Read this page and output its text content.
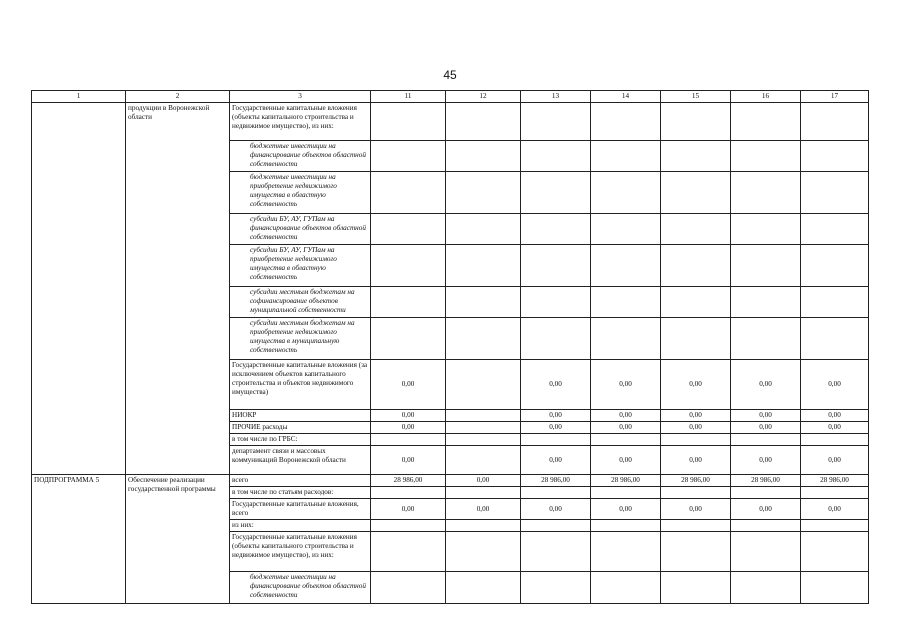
45
1	2	3	11	12	13	14	15	16	17
	продукции в Воронежской области	Государственные капитальные вложения (объекты капитального строительства и недвижимое имущество), из них:							
		бюджетные инвестиции на финансирование объектов областной собственности							
		бюджетные инвестиции на приобретение недвижимого имущества в областную собственность							
		субсидии БУ, АУ, ГУПам на финансирование объектов областной собственности							
		субсидии БУ, АУ, ГУПам на приобретение недвижимого имущества в областную собственность							
		субсидии местным бюджетам на софинансирование объектов муниципальной собственности							
		субсидии местным бюджетам на приобретение недвижимого имущества в муниципальную собственность							
		Государственные капитальные вложения (за исключением объектов капитального строительства и объектов недвижимого имущества)	0,00		0,00	0,00	0,00	0,00	0,00
		НИОКР	0,00		0,00	0,00	0,00	0,00	0,00
		ПРОЧИЕ расходы	0,00		0,00	0,00	0,00	0,00	0,00
		в том числе по ГРБС:							
		департамент связи и массовых коммуникаций Воронежской области	0,00		0,00	0,00	0,00	0,00	0,00
ПОДПРОГРАММА 5	Обеспечение реализации государственной программы	всего	28 986,00	0,00	28 986,00	28 986,00	28 986,00	28 986,00	28 986,00
		в том числе по статьям расходов:							
		Государственные капитальные вложения, всего	0,00	0,00	0,00	0,00	0,00	0,00	0,00
		из них:							
		Государственные капитальные вложения (объекты капитального строительства и недвижимое имущество), из них:							
		бюджетные инвестиции на финансирование объектов областной собственности							
